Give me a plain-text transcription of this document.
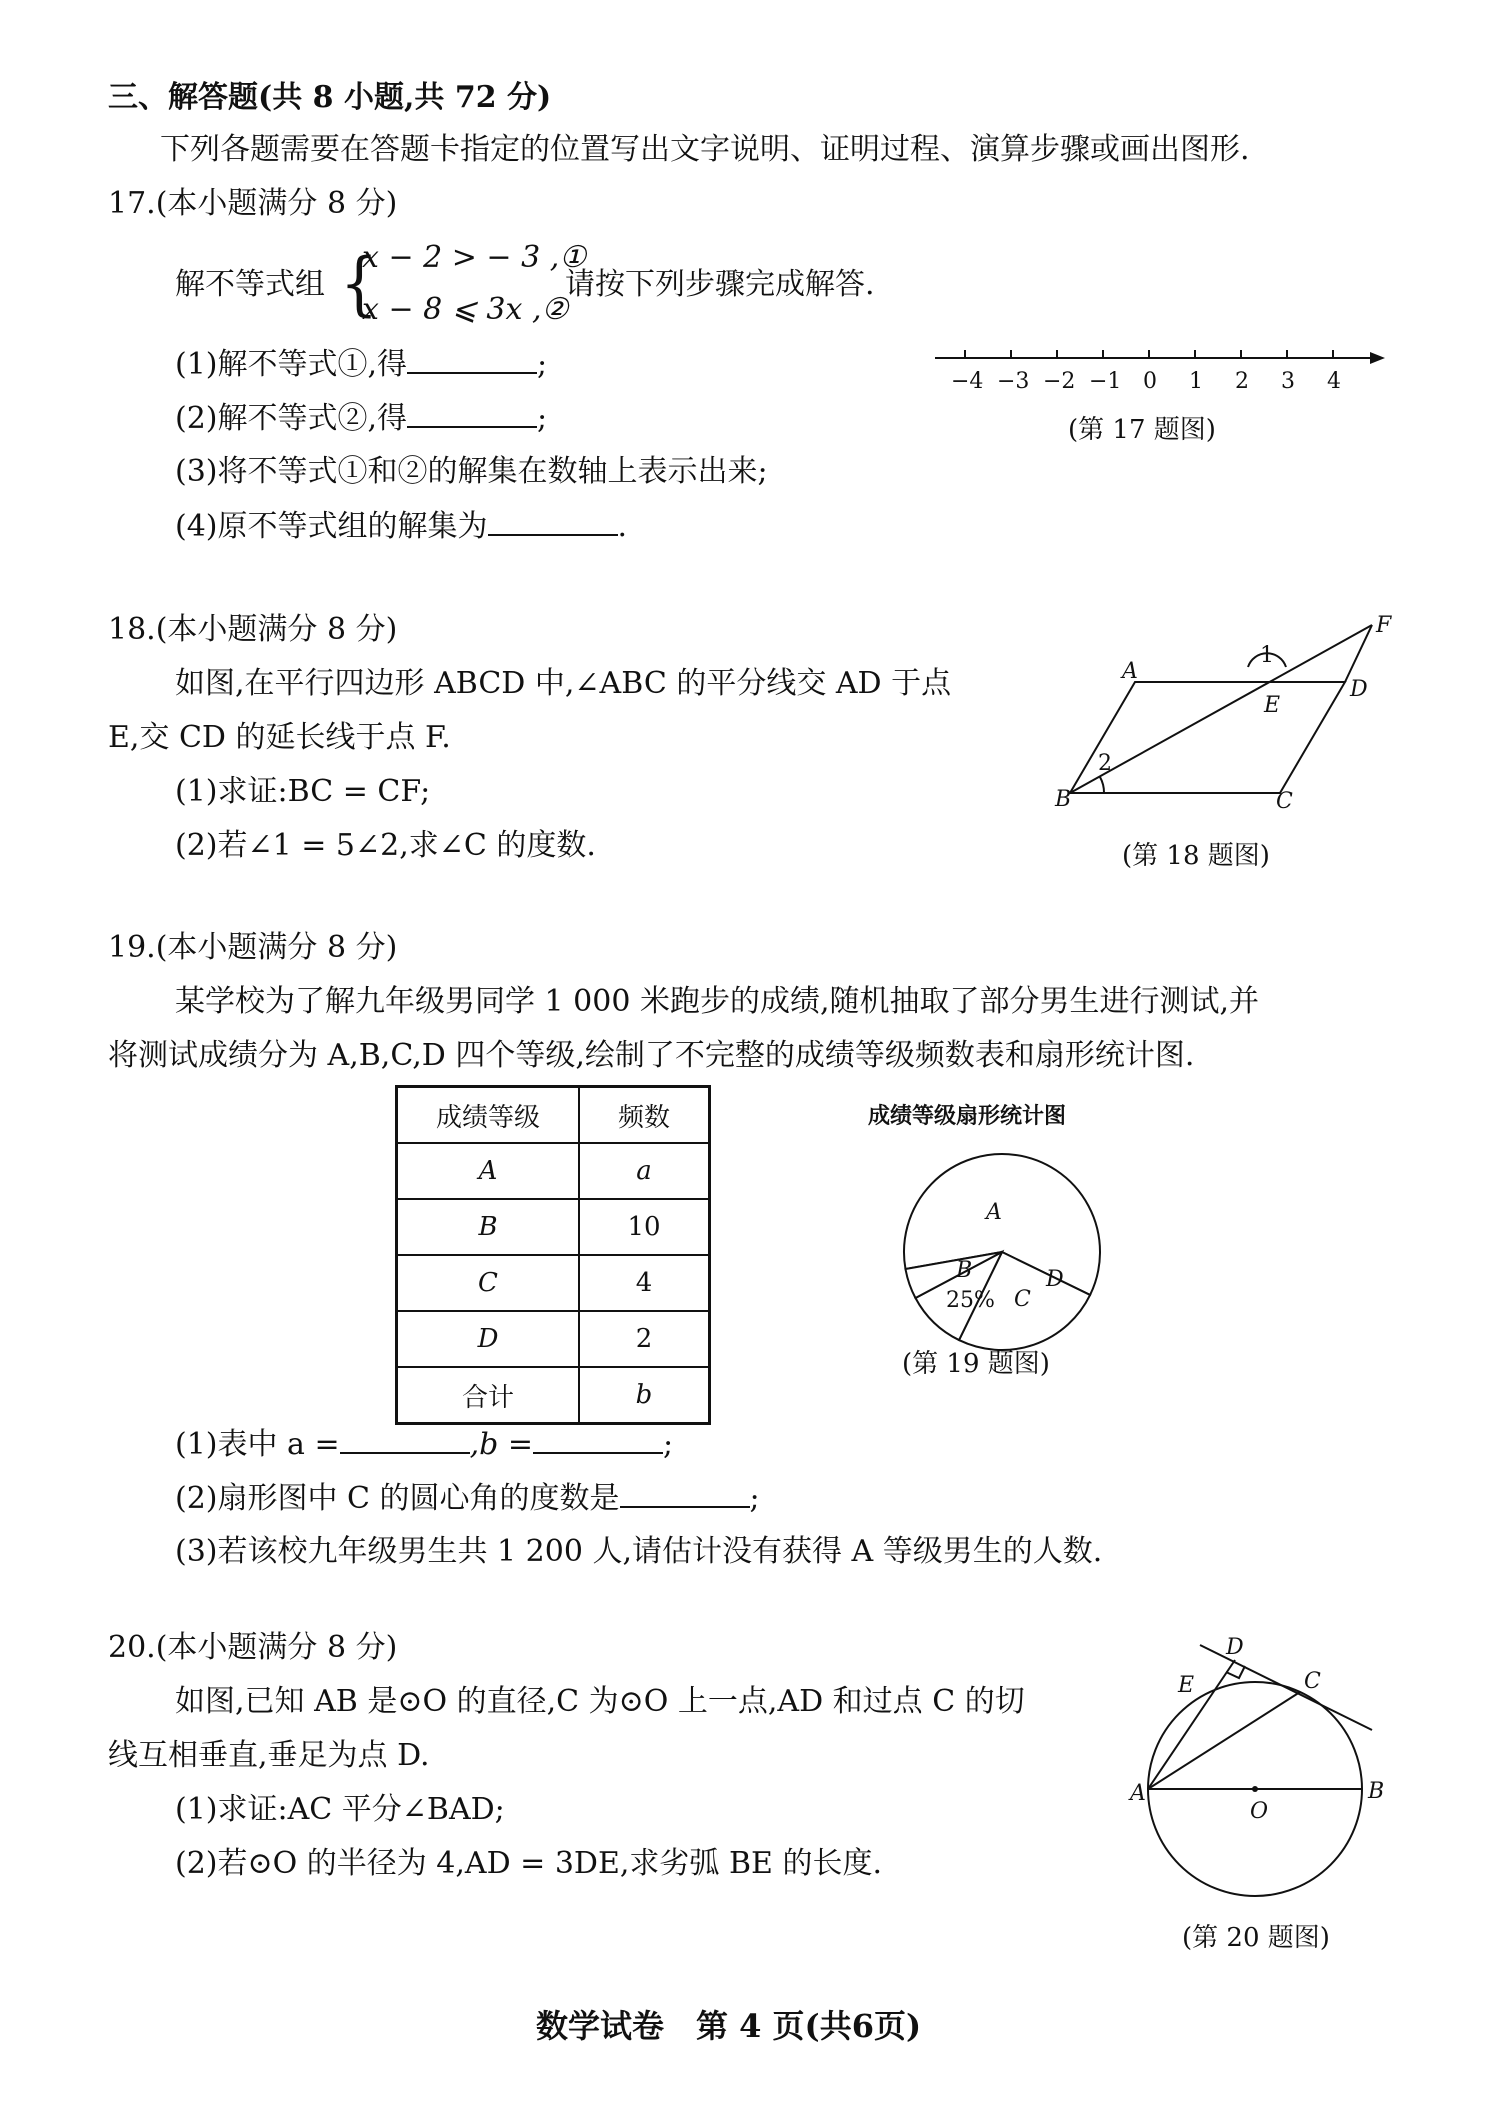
三、解答题(共 8 小题,共 72 分)
下列各题需要在答题卡指定的位置写出文字说明、证明过程、演算步骤或画出图形.
17.(本小题满分 8 分)
解不等式组 {
x − 2 > − 3 ,①
x − 8 ⩽ 3x ,②
请按下列步骤完成解答.
(1)解不等式①,得	;
(2)解不等式②,得	;
(3)将不等式①和②的解集在数轴上表示出来;
(4)原不等式组的解集为	.
−4 −3 −2 −1 0 1 2 3 4
(第 17 题图)
18.(本小题满分 8 分)
如图,在平行四边形 ABCD 中,∠ABC 的平分线交 AD 于点
E,交 CD 的延长线于点 F.
(1)求证:BC = CF;
(2)若∠1 = 5∠2,求∠C 的度数.
A
B	C
D
E
F
1
2
(第 18 题图)
19.(本小题满分 8 分)
某学校为了解九年级男同学 1 000 米跑步的成绩,随机抽取了部分男生进行测试,并
将测试成绩分为 A,B,C,D 四个等级,绘制了不完整的成绩等级频数表和扇形统计图.
成绩等级	频数
A	a
B	10
C	4
D	2
合计	b
成绩等级扇形统计图
A
B
25% C
D
(第 19 题图)
(1)表中 a =	,b =	;
(2)扇形图中 C 的圆心角的度数是	;
(3)若该校九年级男生共 1 200 人,请估计没有获得 A 等级男生的人数.
20.(本小题满分 8 分)
如图,已知 AB 是⊙O 的直径,C 为⊙O 上一点,AD 和过点 C 的切
线互相垂直,垂足为点 D.
(1)求证:AC 平分∠BAD;
(2)若⊙O 的半径为 4,AD = 3DE,求劣弧 BE 的长度.
D
E	C
A	B
O
(第 20 题图)
数学试卷　第 4 页(共6页)
